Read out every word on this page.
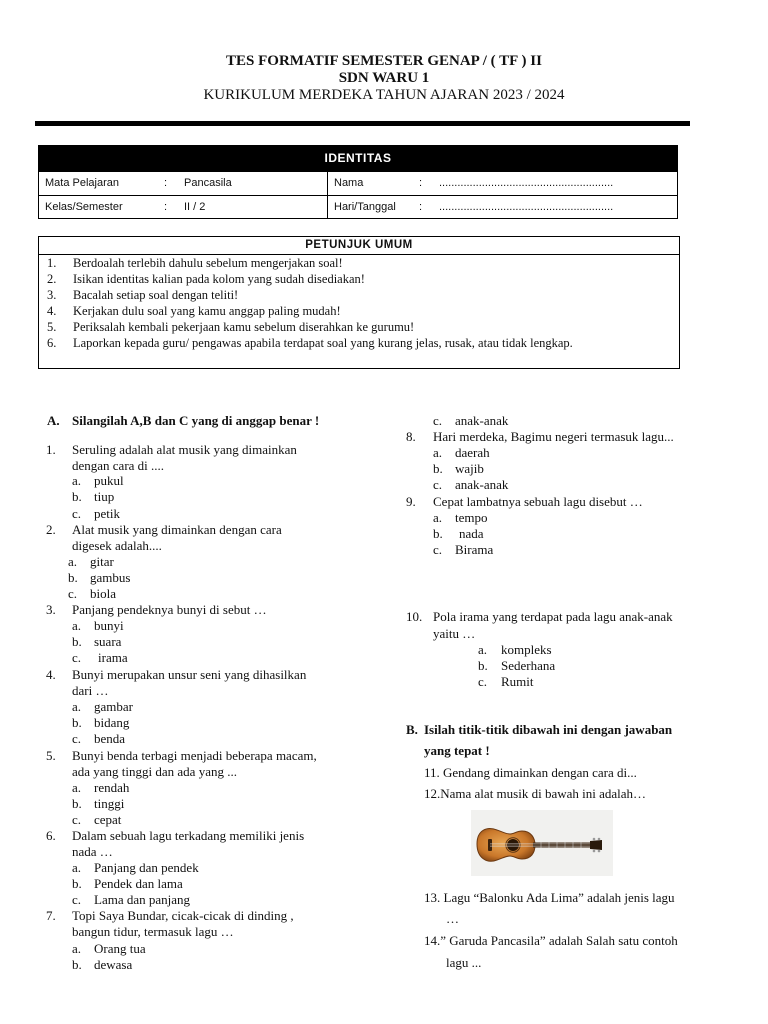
TES FORMATIF SEMESTER GENAP / ( TF ) II
SDN WARU 1
KURIKULUM MERDEKA TAHUN AJARAN 2023 / 2024
IDENTITAS
Mata Pelajaran	: Pancasila	Nama	: .........................................................
Kelas/Semester	: II / 2	Hari/Tanggal : .........................................................
PETUNJUK UMUM
1. Berdoalah terlebih dahulu sebelum mengerjakan soal!
2. Isikan identitas kalian pada kolom yang sudah disediakan!
3. Bacalah setiap soal dengan teliti!
4. Kerjakan dulu soal yang kamu anggap paling mudah!
5. Periksalah kembali pekerjaan kamu sebelum diserahkan ke gurumu!
6. Laporkan kepada guru/ pengawas apabila terdapat soal yang kurang jelas, rusak, atau tidak lengkap.
A. Silangilah A,B dan C yang di anggap benar !
1. Seruling adalah alat musik yang dimainkan
dengan cara di ....
a. pukul
b. tiup
c. petik
2. Alat musik yang dimainkan dengan cara
digesek adalah....
a. gitar
b. gambus
c. biola
3. Panjang pendeknya bunyi di sebut …
a. bunyi
b. suara
c. irama
4. Bunyi merupakan unsur seni yang dihasilkan
dari …
a. gambar
b. bidang
c. benda
5. Bunyi benda terbagi menjadi beberapa macam,
ada yang tinggi dan ada yang ...
a. rendah
b. tinggi
c. cepat
6. Dalam sebuah lagu terkadang memiliki jenis
nada …
a. Panjang dan pendek
b. Pendek dan lama
c. Lama dan panjang
7. Topi Saya Bundar, cicak-cicak di dinding ,
bangun tidur, termasuk lagu …
a. Orang tua
b. dewasa
c. anak-anak
8. Hari merdeka, Bagimu negeri termasuk lagu...
a. daerah
b. wajib
c. anak-anak
9. Cepat lambatnya sebuah lagu disebut …
a. tempo
b. nada
c. Birama
10. Pola irama yang terdapat pada lagu anak-anak
yaitu …
a. kompleks
b. Sederhana
c. Rumit
B. Isilah titik-titik dibawah ini dengan jawaban
yang tepat !
11. Gendang dimainkan dengan cara di...
12.Nama alat musik di bawah ini adalah…
13. Lagu “Balonku Ada Lima” adalah jenis lagu
…
14.” Garuda Pancasila” adalah Salah satu contoh
lagu ...
